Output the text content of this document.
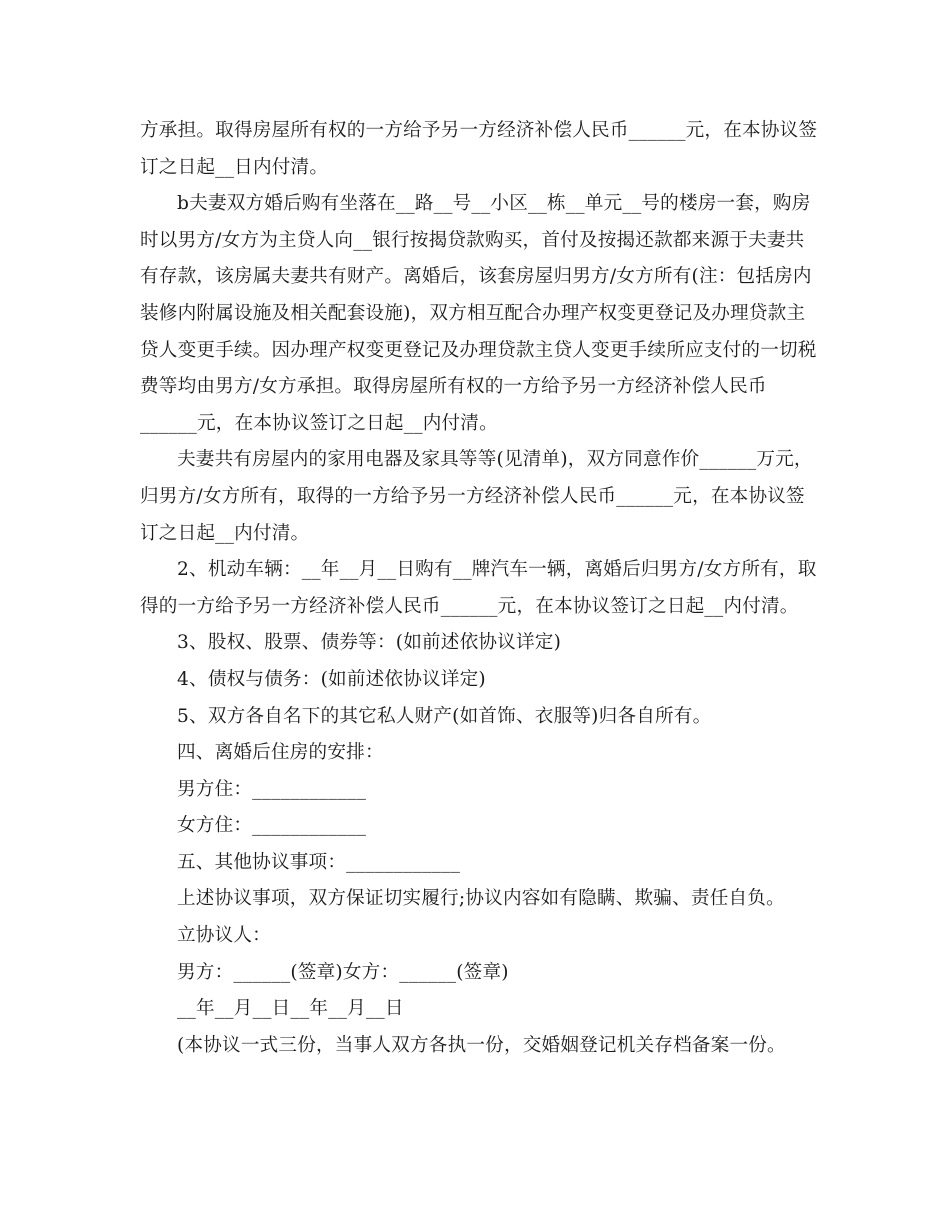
方承担。取得房屋所有权的一方给予另一方经济补偿人民币______元，在本协议签
订之日起__日内付清。
b夫妻双方婚后购有坐落在__路__号__小区__栋__单元__号的楼房一套，购房
时以男方/女方为主贷人向__银行按揭贷款购买，首付及按揭还款都来源于夫妻共
有存款，该房属夫妻共有财产。离婚后，该套房屋归男方/女方所有(注：包括房内
装修内附属设施及相关配套设施)，双方相互配合办理产权变更登记及办理贷款主
贷人变更手续。因办理产权变更登记及办理贷款主贷人变更手续所应支付的一切税
费等均由男方/女方承担。取得房屋所有权的一方给予另一方经济补偿人民币
______元，在本协议签订之日起__内付清。
夫妻共有房屋内的家用电器及家具等等(见清单)，双方同意作价______万元，
归男方/女方所有，取得的一方给予另一方经济补偿人民币______元，在本协议签
订之日起__内付清。
2、机动车辆：__年__月__日购有__牌汽车一辆，离婚后归男方/女方所有，取
得的一方给予另一方经济补偿人民币______元，在本协议签订之日起__内付清。
3、股权、股票、债券等：(如前述依协议详定)
4、债权与债务：(如前述依协议详定)
5、双方各自名下的其它私人财产(如首饰、衣服等)归各自所有。
四、离婚后住房的安排：
男方住：____________
女方住：____________
五、其他协议事项：____________
上述协议事项，双方保证切实履行;协议内容如有隐瞒、欺骗、责任自负。
立协议人：
男方：______(签章)女方：______(签章)
__年__月__日__年__月__日
(本协议一式三份，当事人双方各执一份，交婚姻登记机关存档备案一份。
